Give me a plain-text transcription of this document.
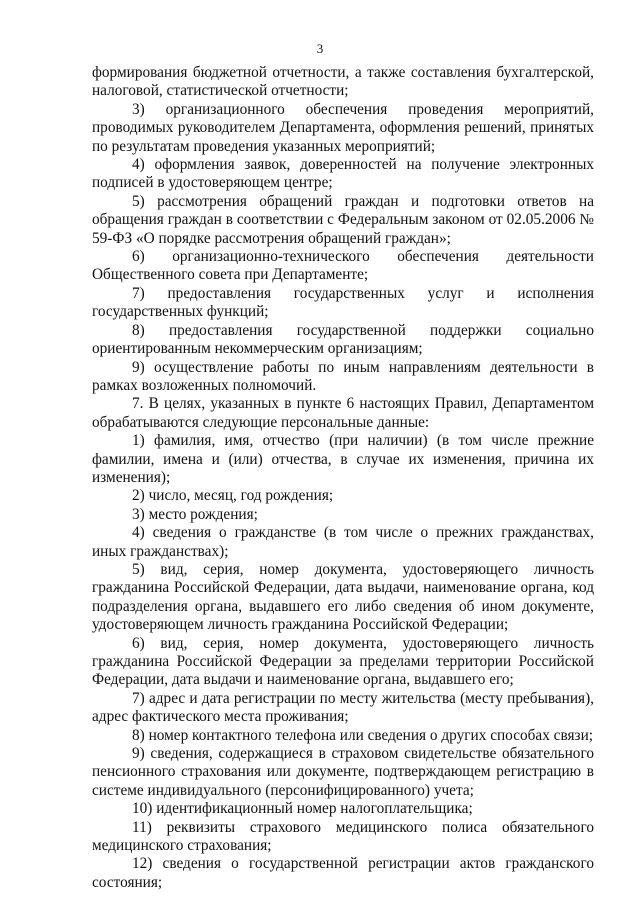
3

формирования бюджетной отчетности, а также составления бухгалтерской, налоговой, статистической отчетности;

3) организационного обеспечения проведения мероприятий, проводимых руководителем Департамента, оформления решений, принятых по результатам проведения указанных мероприятий;

4) оформления заявок, доверенностей на получение электронных подписей в удостоверяющем центре;

5) рассмотрения обращений граждан и подготовки ответов на обращения граждан в соответствии с Федеральным законом от 02.05.2006 № 59-ФЗ «О порядке рассмотрения обращений граждан»;

6) организационно-технического обеспечения деятельности Общественного совета при Департаменте;

7) предоставления государственных услуг и исполнения государственных функций;

8) предоставления государственной поддержки социально ориентированным некоммерческим организациям;

9) осуществление работы по иным направлениям деятельности в рамках возложенных полномочий.

7. В целях, указанных в пункте 6 настоящих Правил, Департаментом обрабатываются следующие персональные данные:

1) фамилия, имя, отчество (при наличии) (в том числе прежние фамилии, имена и (или) отчества, в случае их изменения, причина их изменения);

2) число, месяц, год рождения;

3) место рождения;

4) сведения о гражданстве (в том числе о прежних гражданствах, иных гражданствах);

5) вид, серия, номер документа, удостоверяющего личность гражданина Российской Федерации, дата выдачи, наименование органа, код подразделения органа, выдавшего его либо сведения об ином документе, удостоверяющем личность гражданина Российской Федерации;

6) вид, серия, номер документа, удостоверяющего личность гражданина Российской Федерации за пределами территории Российской Федерации, дата выдачи и наименование органа, выдавшего его;

7) адрес и дата регистрации по месту жительства (месту пребывания), адрес фактического места проживания;

8) номер контактного телефона или сведения о других способах связи;

9) сведения, содержащиеся в страховом свидетельстве обязательного пенсионного страхования или документе, подтверждающем регистрацию в системе индивидуального (персонифицированного) учета;

10) идентификационный номер налогоплательщика;

11) реквизиты страхового медицинского полиса обязательного медицинского страхования;

12) сведения о государственной регистрации актов гражданского состояния;
